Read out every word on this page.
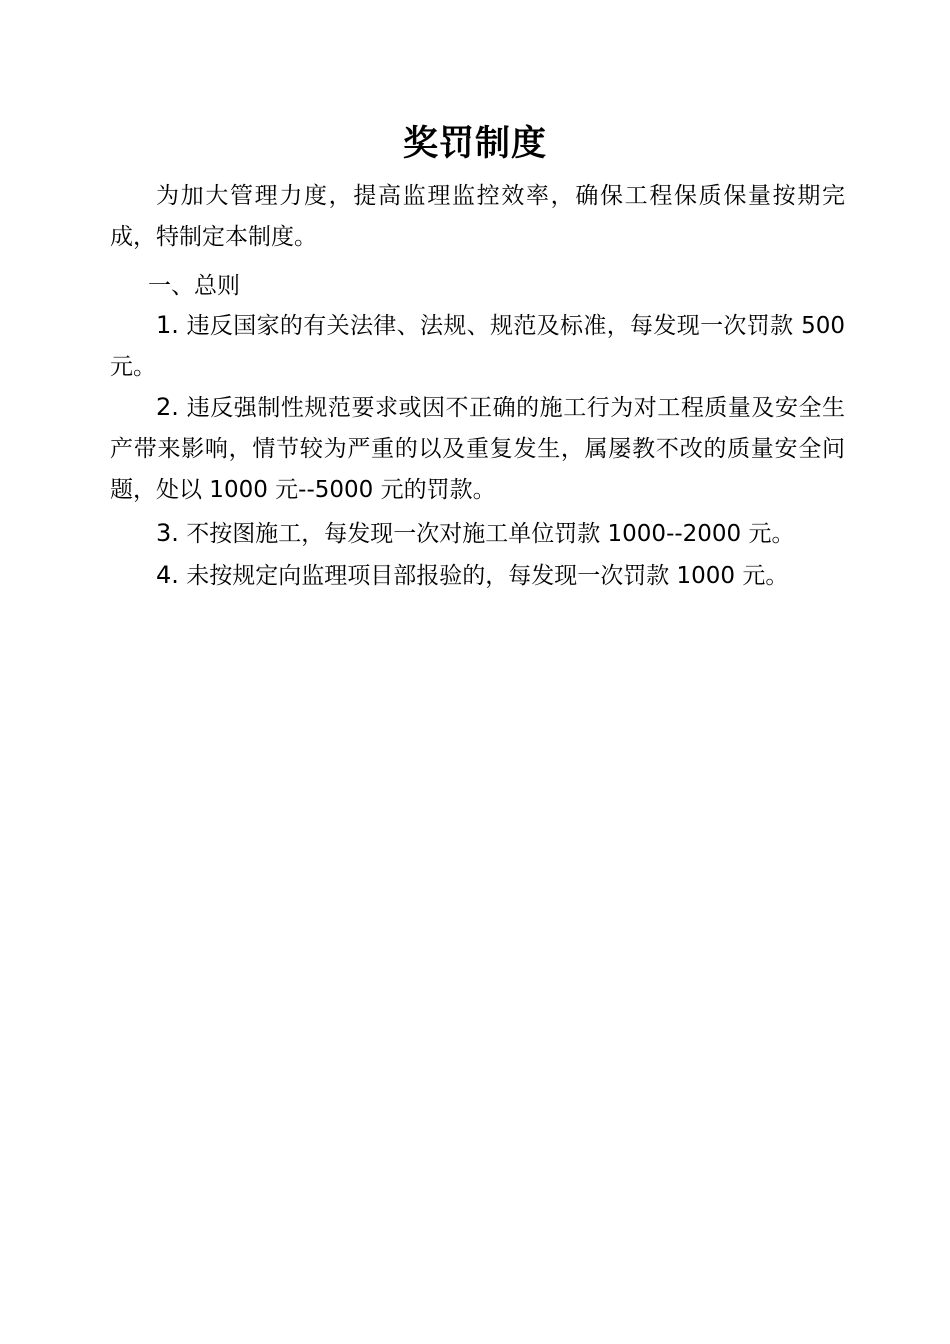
奖罚制度
为加大管理力度，提高监理监控效率，确保工程保质保量按期完成，特制定本制度。
一、总则
1. 违反国家的有关法律、法规、规范及标准，每发现一次罚款 500 元。
2. 违反强制性规范要求或因不正确的施工行为对工程质量及安全生产带来影响，情节较为严重的以及重复发生，属屡教不改的质量安全问题，处以 1000 元--5000 元的罚款。
3. 不按图施工，每发现一次对施工单位罚款 1000--2000 元。
4. 未按规定向监理项目部报验的，每发现一次罚款 1000 元。
